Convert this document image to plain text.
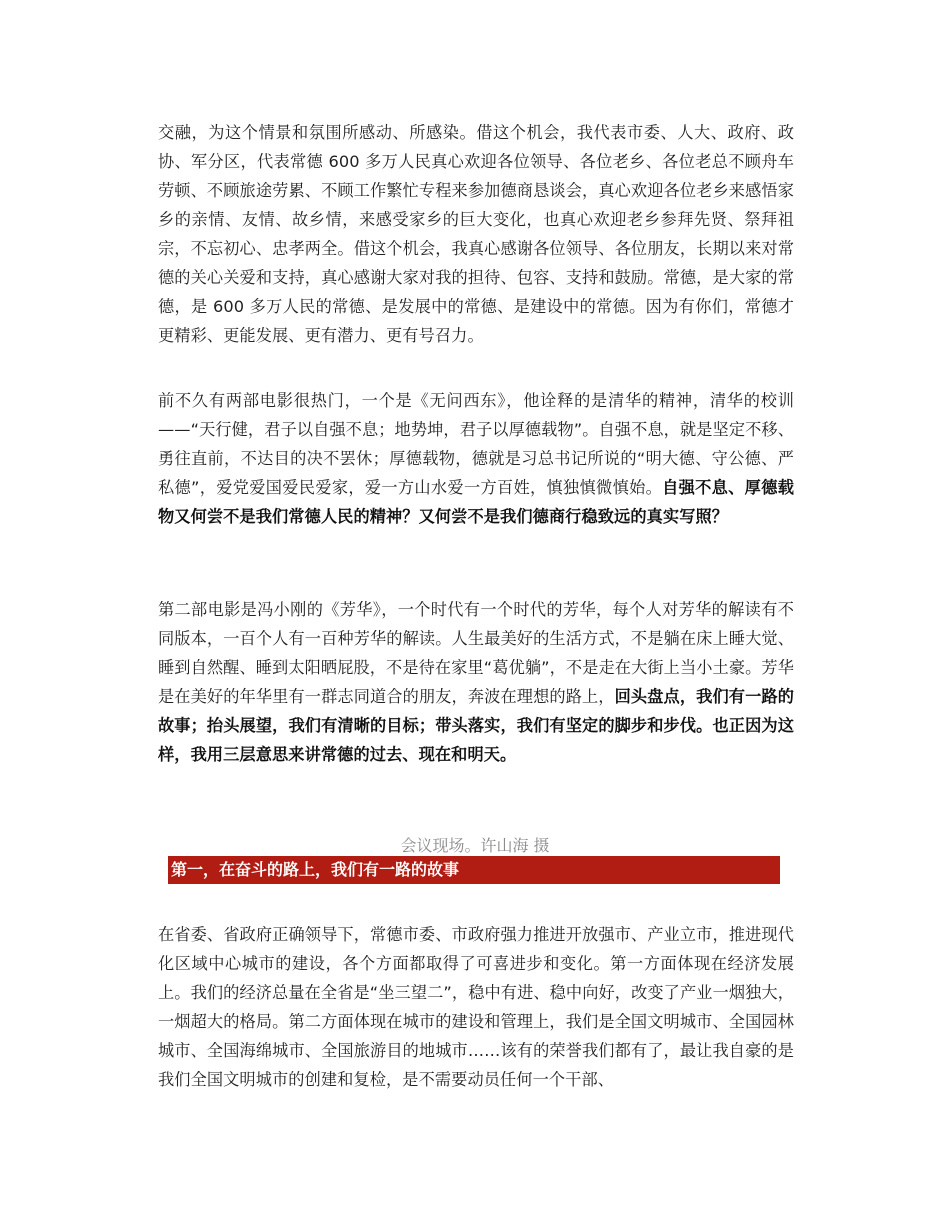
交融，为这个情景和氛围所感动、所感染。借这个机会，我代表市委、人大、政府、政协、军分区，代表常德 600 多万人民真心欢迎各位领导、各位老乡、各位老总不顾舟车劳顿、不顾旅途劳累、不顾工作繁忙专程来参加德商恳谈会，真心欢迎各位老乡来感悟家乡的亲情、友情、故乡情，来感受家乡的巨大变化，也真心欢迎老乡参拜先贤、祭拜祖宗，不忘初心、忠孝两全。借这个机会，我真心感谢各位领导、各位朋友，长期以来对常德的关心关爱和支持，真心感谢大家对我的担待、包容、支持和鼓励。常德，是大家的常德，是 600 多万人民的常德、是发展中的常德、是建设中的常德。因为有你们，常德才更精彩、更能发展、更有潜力、更有号召力。

前不久有两部电影很热门，一个是《无问西东》，他诠释的是清华的精神，清华的校训——“天行健，君子以自强不息；地势坤，君子以厚德载物”。自强不息，就是坚定不移、勇往直前，不达目的决不罢休；厚德载物，德就是习总书记所说的“明大德、守公德、严私德”，爱党爱国爱民爱家，爱一方山水爱一方百姓，慎独慎微慎始。自强不息、厚德载物又何尝不是我们常德人民的精神？又何尝不是我们德商行稳致远的真实写照？

第二部电影是冯小刚的《芳华》，一个时代有一个时代的芳华，每个人对芳华的解读有不同版本，一百个人有一百种芳华的解读。人生最美好的生活方式，不是躺在床上睡大觉、睡到自然醒、睡到太阳晒屁股，不是待在家里“葛优躺”，不是走在大街上当小土豪。芳华是在美好的年华里有一群志同道合的朋友，奔波在理想的路上，回头盘点，我们有一路的故事；抬头展望，我们有清晰的目标；带头落实，我们有坚定的脚步和步伐。也正因为这样，我用三层意思来讲常德的过去、现在和明天。

会议现场。许山海 摄
第一，在奋斗的路上，我们有一路的故事

在省委、省政府正确领导下，常德市委、市政府强力推进开放强市、产业立市，推进现代化区域中心城市的建设，各个方面都取得了可喜进步和变化。第一方面体现在经济发展上。我们的经济总量在全省是“坐三望二”，稳中有进、稳中向好，改变了产业一烟独大，一烟超大的格局。第二方面体现在城市的建设和管理上，我们是全国文明城市、全国园林城市、全国海绵城市、全国旅游目的地城市……该有的荣誉我们都有了，最让我自豪的是我们全国文明城市的创建和复检，是不需要动员任何一个干部、
